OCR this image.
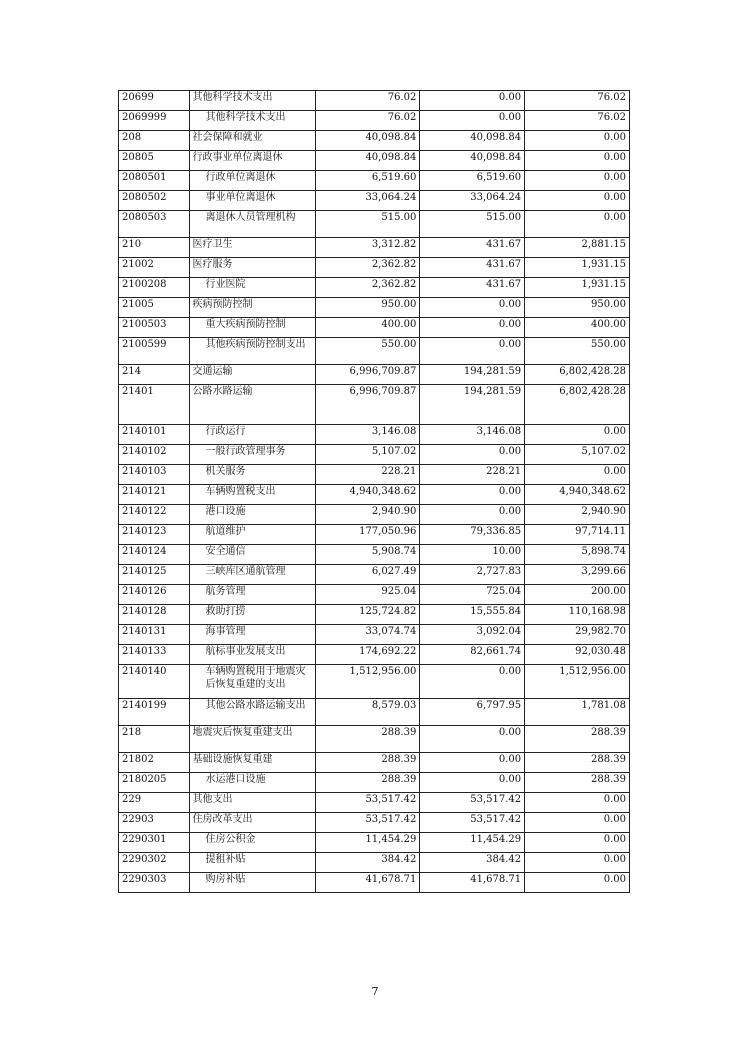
20699	其他科学技术支出	76.02	0.00	76.02
2069999	其他科学技术支出	76.02	0.00	76.02
208	社会保障和就业	40,098.84	40,098.84	0.00
20805	行政事业单位离退休	40,098.84	40,098.84	0.00
2080501	行政单位离退休	6,519.60	6,519.60	0.00
2080502	事业单位离退休	33,064.24	33,064.24	0.00
2080503	离退休人员管理机构	515.00	515.00	0.00
210	医疗卫生	3,312.82	431.67	2,881.15
21002	医疗服务	2,362.82	431.67	1,931.15
2100208	行业医院	2,362.82	431.67	1,931.15
21005	疾病预防控制	950.00	0.00	950.00
2100503	重大疾病预防控制	400.00	0.00	400.00
2100599	其他疾病预防控制支出	550.00	0.00	550.00
214	交通运输	6,996,709.87	194,281.59	6,802,428.28
21401	公路水路运输	6,996,709.87	194,281.59	6,802,428.28
2140101	行政运行	3,146.08	3,146.08	0.00
2140102	一般行政管理事务	5,107.02	0.00	5,107.02
2140103	机关服务	228.21	228.21	0.00
2140121	车辆购置税支出	4,940,348.62	0.00	4,940,348.62
2140122	港口设施	2,940.90	0.00	2,940.90
2140123	航道维护	177,050.96	79,336.85	97,714.11
2140124	安全通信	5,908.74	10.00	5,898.74
2140125	三峡库区通航管理	6,027.49	2,727.83	3,299.66
2140126	航务管理	925.04	725.04	200.00
2140128	救助打捞	125,724.82	15,555.84	110,168.98
2140131	海事管理	33,074.74	3,092.04	29,982.70
2140133	航标事业发展支出	174,692.22	82,661.74	92,030.48
2140140	车辆购置税用于地震灾后恢复重建的支出	1,512,956.00	0.00	1,512,956.00
2140199	其他公路水路运输支出	8,579.03	6,797.95	1,781.08
218	地震灾后恢复重建支出	288.39	0.00	288.39
21802	基础设施恢复重建	288.39	0.00	288.39
2180205	水运港口设施	288.39	0.00	288.39
229	其他支出	53,517.42	53,517.42	0.00
22903	住房改革支出	53,517.42	53,517.42	0.00
2290301	住房公积金	11,454.29	11,454.29	0.00
2290302	提租补贴	384.42	384.42	0.00
2290303	购房补贴	41,678.71	41,678.71	0.00
7
